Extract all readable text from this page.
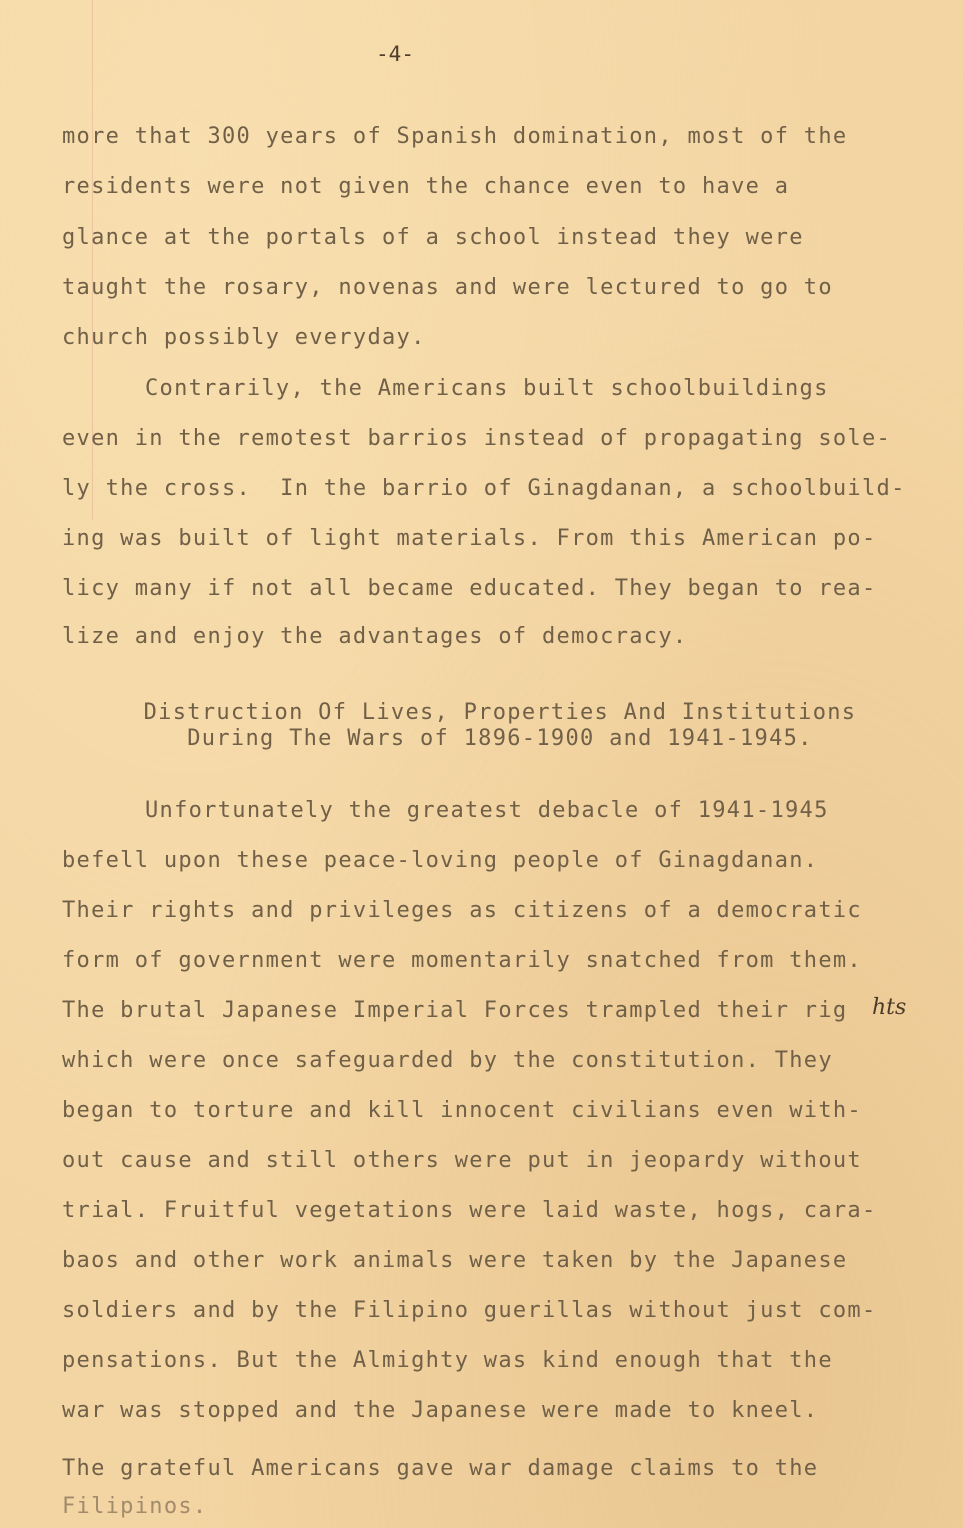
-4-
more that 300 years of Spanish domination, most of the
residents were not given the chance even to have a
glance at the portals of a school instead they were
taught the rosary, novenas and were lectured to go to
church possibly everyday.
Contrarily, the Americans built schoolbuildings
even in the remotest barrios instead of propagating sole-
ly the cross.  In the barrio of Ginagdanan, a schoolbuild-
ing was built of light materials. From this American po-
licy many if not all became educated. They began to rea-
lize and enjoy the advantages of democracy.
Distruction Of Lives, Properties And Institutions
During The Wars of 1896-1900 and 1941-1945.
Unfortunately the greatest debacle of 1941-1945
befell upon these peace-loving people of Ginagdanan.
Their rights and privileges as citizens of a democratic
form of government were momentarily snatched from them.
The brutal Japanese Imperial Forces trampled their rig hts
which were once safeguarded by the constitution. They
began to torture and kill innocent civilians even with-
out cause and still others were put in jeopardy without
trial. Fruitful vegetations were laid waste, hogs, cara-
baos and other work animals were taken by the Japanese
soldiers and by the Filipino guerillas without just com-
pensations. But the Almighty was kind enough that the
war was stopped and the Japanese were made to kneel.
The grateful Americans gave war damage claims to the
Filipinos.
